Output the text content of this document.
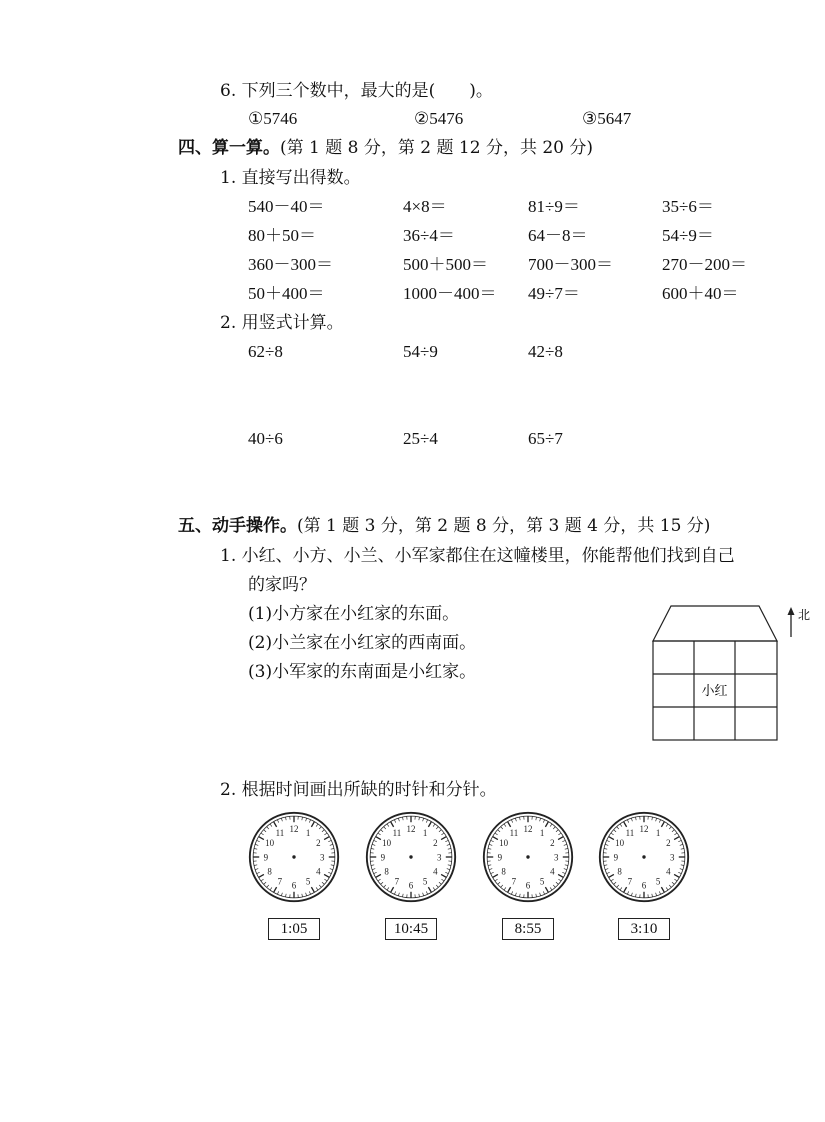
6. 下列三个数中，最大的是(　　)。
①5746	②5476	③5647
四、算一算。(第 1 题 8 分，第 2 题 12 分，共 20 分)
1. 直接写出得数。
540－40＝	4×8＝	81÷9＝	35÷6＝
80＋50＝	36÷4＝	64－8＝	54÷9＝
360－300＝	500＋500＝ 700－300＝	270－200＝
50＋400＝	1000－400＝ 49÷7＝	600＋40＝
2. 用竖式计算。
62÷8	54÷9	42÷8
40÷6	25÷4	65÷7
五、动手操作。(第 1 题 3 分，第 2 题 8 分，第 3 题 4 分，共 15 分)
1. 小红、小方、小兰、小军家都住在这幢楼里，你能帮他们找到自己
的家吗？
(1)小方家在小红家的东面。
(2)小兰家在小红家的西南面。
(3)小军家的东南面是小红家。
小红
北
2. 根据时间画出所缺的时针和分针。
1
2
3
4
5
6
7
8
9
10
11 12	1
2
3
4
5
6
7
8
9
10
11 12	1
2
3
4
5
6
7
8
9
10
11 12	1
2
3
4
5
6
7
8
9
10
11 12
1:05	10:45	8:55	3:10
